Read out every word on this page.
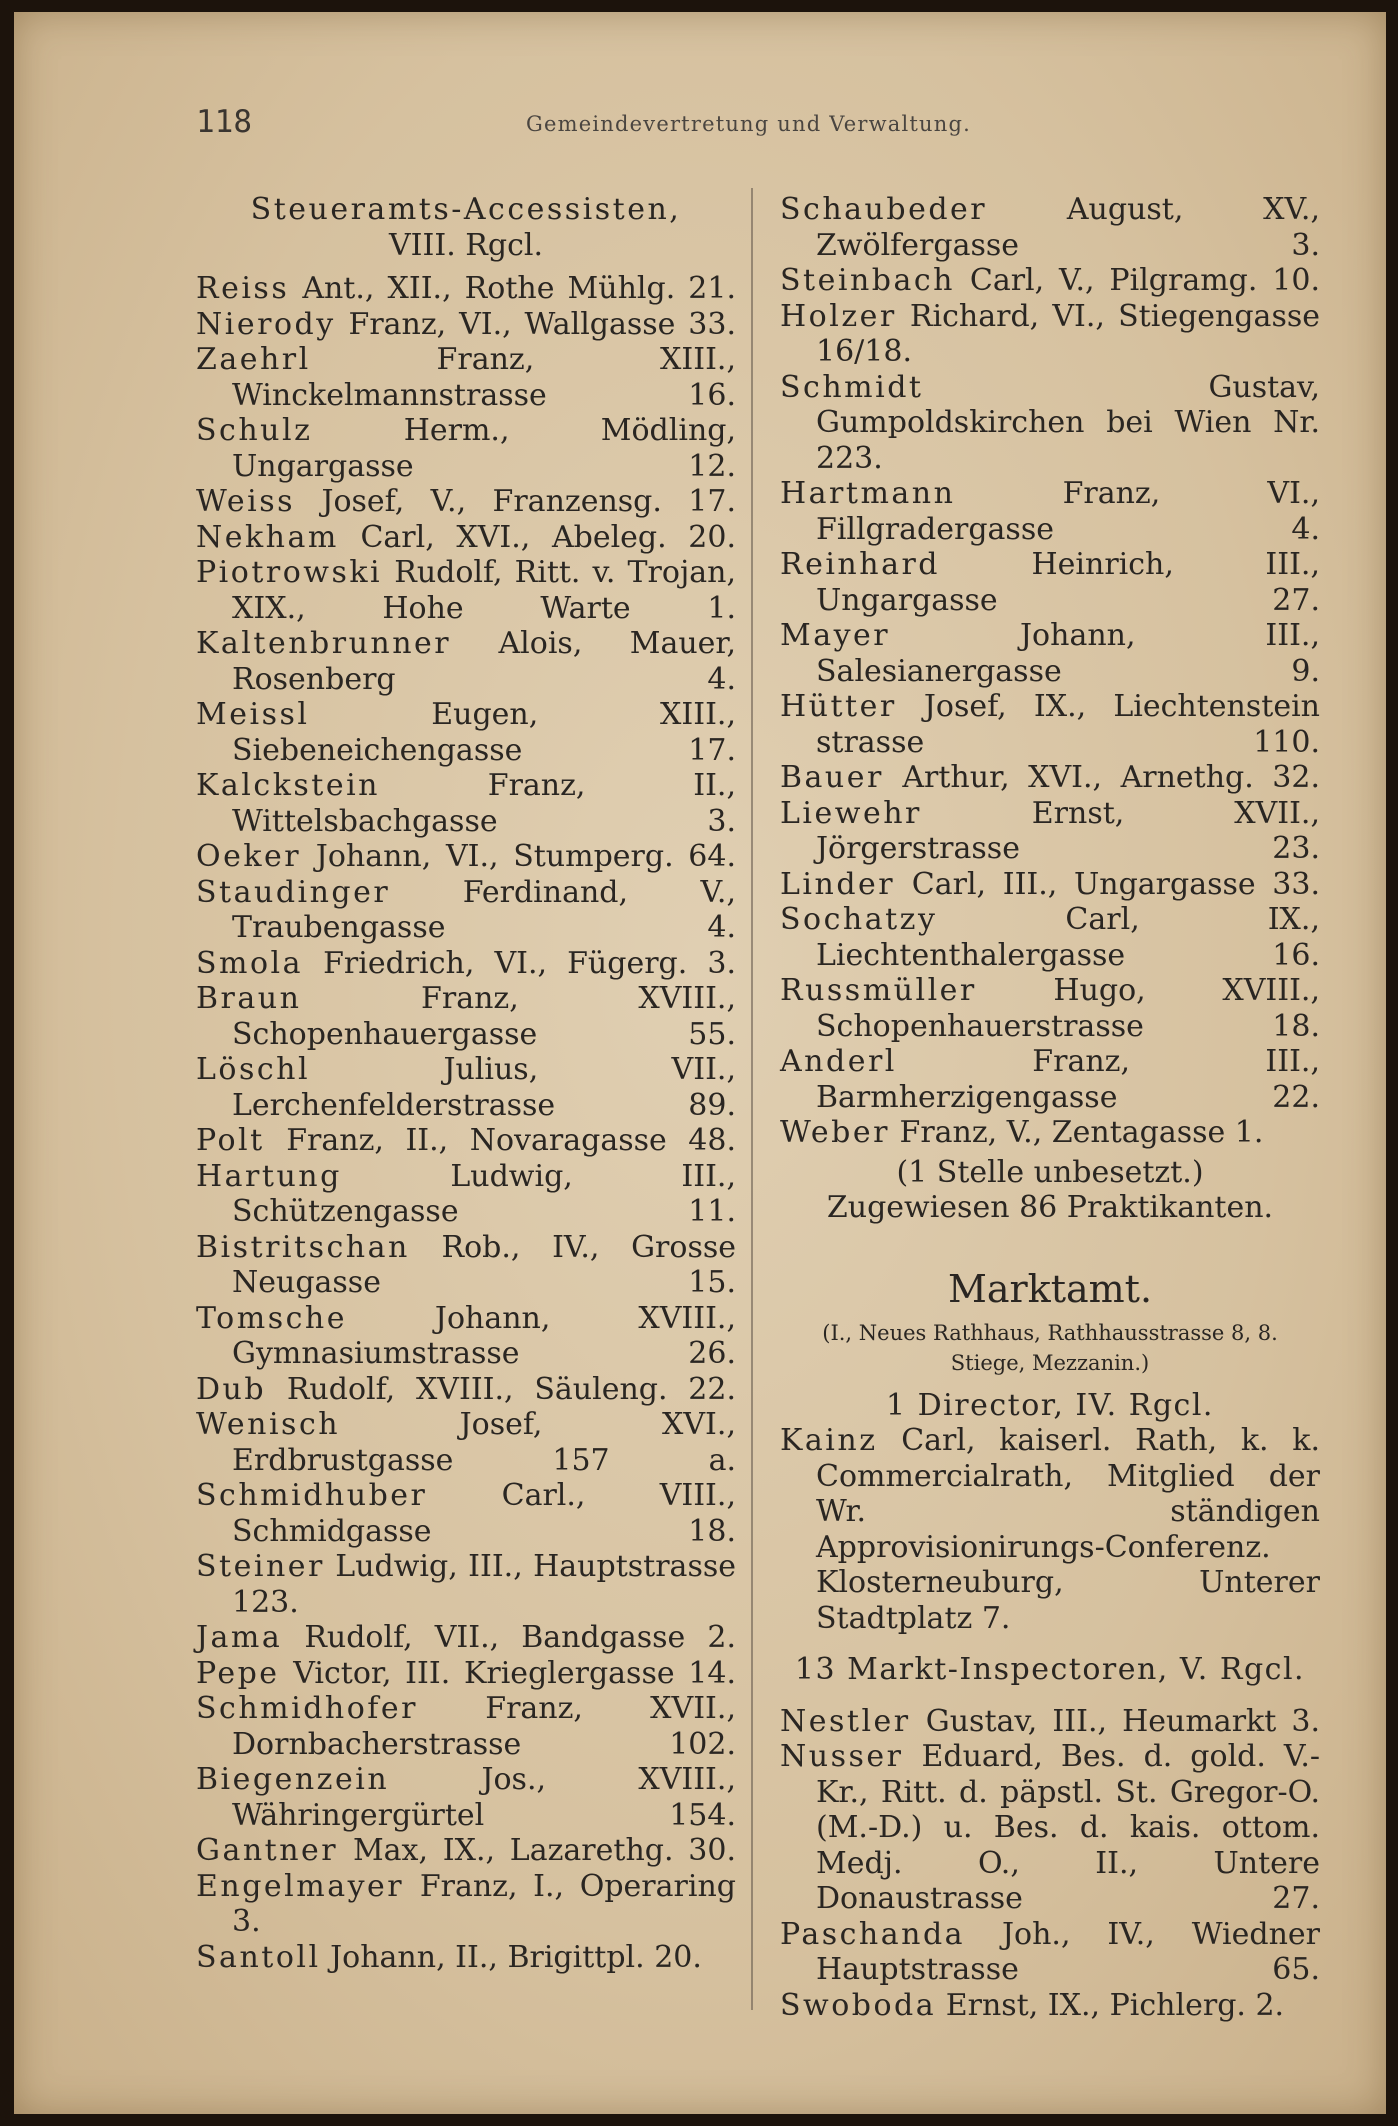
118	Gemeindevertretung und Verwaltung.
Steueramts-Accessisten,
VIII. Rgcl.
Reiss Ant., XII., Rothe Mühlg. 21.
Nierody Franz, VI., Wallgasse 33.
Zaehrl	Franz, XIII., Winckelmannstrasse 16.
Schulz	Herm., Mödling, Ungargasse 12.
Weiss Josef, V., Franzensg. 17.
Nekham Carl, XVI., Abeleg. 20.
Piotrowski Rudolf, Ritt. v. Trojan, XIX., Hohe Warte 1.
Kaltenbrunner Alois, Mauer, Rosenberg 4.
Meissl	Eugen, XIII., Siebeneichengasse 17.
Kalckstein	Franz, II., Wittelsbachgasse 3.
Oeker Johann, VI., Stumperg. 64.
Staudinger Ferdinand, V., Traubengasse 4.
Smola Friedrich, VI., Fügerg. 3.
Braun	Franz, XVIII., Schopenhauergasse 55.
Löschl	Julius, VII., Lerchenfelderstrasse 89.
Polt Franz, II., Novaragasse 48.
Hartung	Ludwig, III., Schützengasse 11.
Bistritschan Rob., IV., Grosse Neugasse 15.
Tomsche	Johann, XVIII., Gymnasiumstrasse 26.
Dub Rudolf, XVIII., Säuleng. 22.
Wenisch	Josef, XVI., Erdbrustgasse 157 a.
Schmidhuber Carl., VIII., Schmidgasse 18.
Steiner Ludwig, III., Hauptstrasse 123.
Jama Rudolf, VII., Bandgasse 2.
Pepe Victor, III. Krieglergasse 14.
Schmidhofer Franz, XVII., Dornbacherstrasse 102.
Biegenzein	Jos., XVIII., Währingergürtel 154.
Gantner Max, IX., Lazarethg. 30.
Engelmayer Franz, I., Operaring 3.
Santoll Johann, II., Brigittpl. 20.
Schaubeder	August, XV., Zwölfergasse 3.
Steinbach Carl, V., Pilgramg. 10.
Holzer Richard, VI., Stiegengasse 16/18.
Schmidt	Gustav, Gumpoldskirchen bei Wien Nr. 223.
Hartmann	Franz, VI., Fillgradergasse 4.
Reinhard	Heinrich, III., Ungargasse 27.
Mayer	Johann, III., Salesianergasse 9.
Hütter Josef, IX., Liechtenstein strasse 110.
Bauer Arthur, XVI., Arnethg. 32.
Liewehr	Ernst, XVII., Jörgerstrasse 23.
Linder Carl, III., Ungargasse 33.
Sochatzy	Carl, IX., Liechtenthalergasse 16.
Russmüller	Hugo, XVIII., Schopenhauerstrasse 18.
Anderl	Franz, III., Barmherzigengasse 22.
Weber Franz, V., Zentagasse 1.
(1 Stelle unbesetzt.)
Zugewiesen 86 Praktikanten.
Marktamt.
(I., Neues Rathhaus, Rathhausstrasse 8, 8. Stiege, Mezzanin.)
1 Director, IV. Rgcl.
Kainz Carl, kaiserl. Rath, k. k. Commercialrath, Mitglied der Wr. ständigen Approvisionirungs-Conferenz. Klosterneuburg, Unterer Stadtplatz 7.
13 Markt-Inspectoren, V. Rgcl.
Nestler Gustav, III., Heumarkt 3.
Nusser Eduard, Bes. d. gold. V.-Kr., Ritt. d. päpstl. St. Gregor-O. (M.-D.) u. Bes. d. kais. ottom. Medj. O., II., Untere Donaustrasse 27.
Paschanda Joh., IV., Wiedner Hauptstrasse 65.
Swoboda Ernst, IX., Pichlerg. 2.
